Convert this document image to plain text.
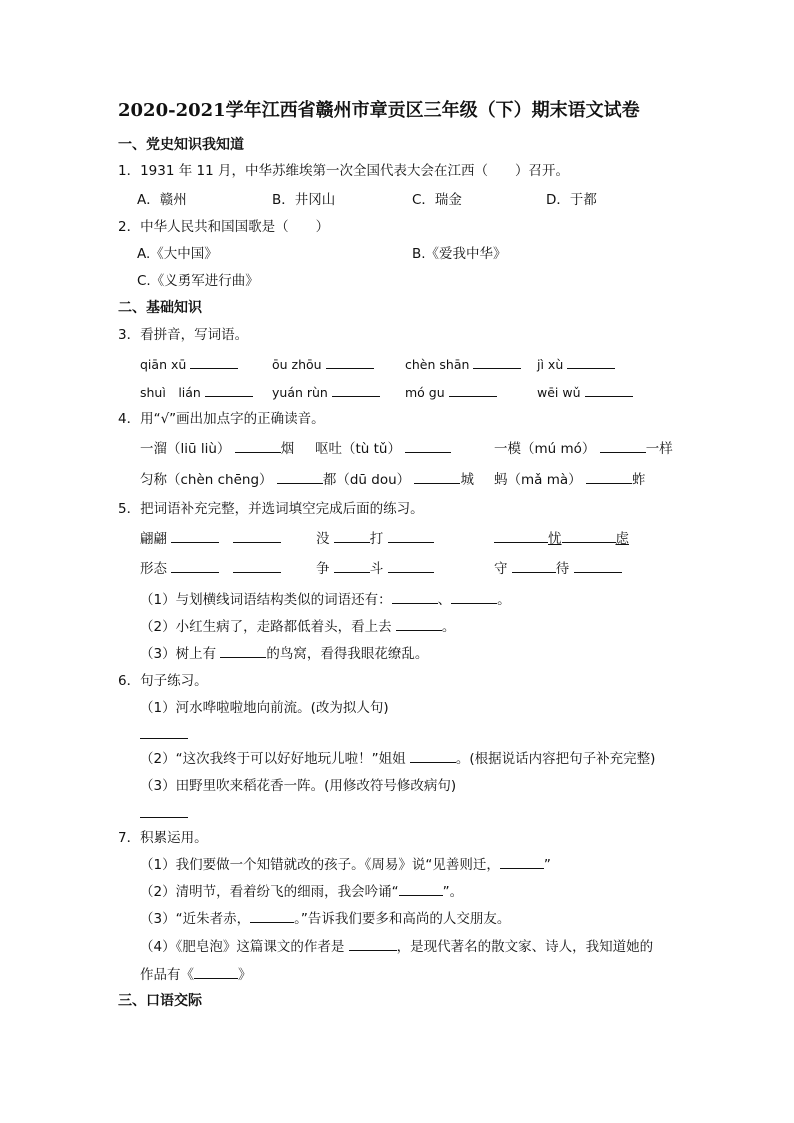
2020-2021学年江西省赣州市章贡区三年级（下）期末语文试卷
一、党史知识我知道
1．1931 年 11 月，中华苏维埃第一次全国代表大会在江西（　　）召开。
A．赣州	B．井冈山	C．瑞金	D．于都
2．中华人民共和国国歌是（　　）
A.《大中国》	B.《爱我中华》
C.《义勇军进行曲》
二、基础知识
3．看拼音，写词语。
qiān xū	ōu zhōu	chèn shān	jì xù
shuì　lián	yuán rùn	mó gu	wēi wǔ
4．用“√”画出加点字的正确读音。
一溜（liū liù）	烟 呕吐（tù tǔ）	一模（mú mó）	一样
匀称（chèn chēng）	都（dū dou）	城 蚂（mǎ mà）	蚱
5．把词语补充完整，并选词填空完成后面的练习。
翩翩 　	没	打	忧	虑
形态 　	争	斗	守	待
（1）与划横线词语结构类似的词语还有：	、	。
（2）小红生病了，走路都低着头，看上去	。
（3）树上有	的鸟窝，看得我眼花缭乱。
6．句子练习。
（1）河水哗啦啦地向前流。(改为拟人句)
（2）“这次我终于可以好好地玩儿啦！”姐姐	。(根据说话内容把句子补充完整)
（3）田野里吹来稻花香一阵。(用修改符号修改病句)
7．积累运用。
（1）我们要做一个知错就改的孩子。《周易》说“见善则迁，	”
（2）清明节，看着纷飞的细雨，我会吟诵“	”。
（3）“近朱者赤，	。”告诉我们要多和高尚的人交朋友。
（4）《肥皂泡》这篇课文的作者是	，是现代著名的散文家、诗人，我知道她的
作品有《	》
三、口语交际
